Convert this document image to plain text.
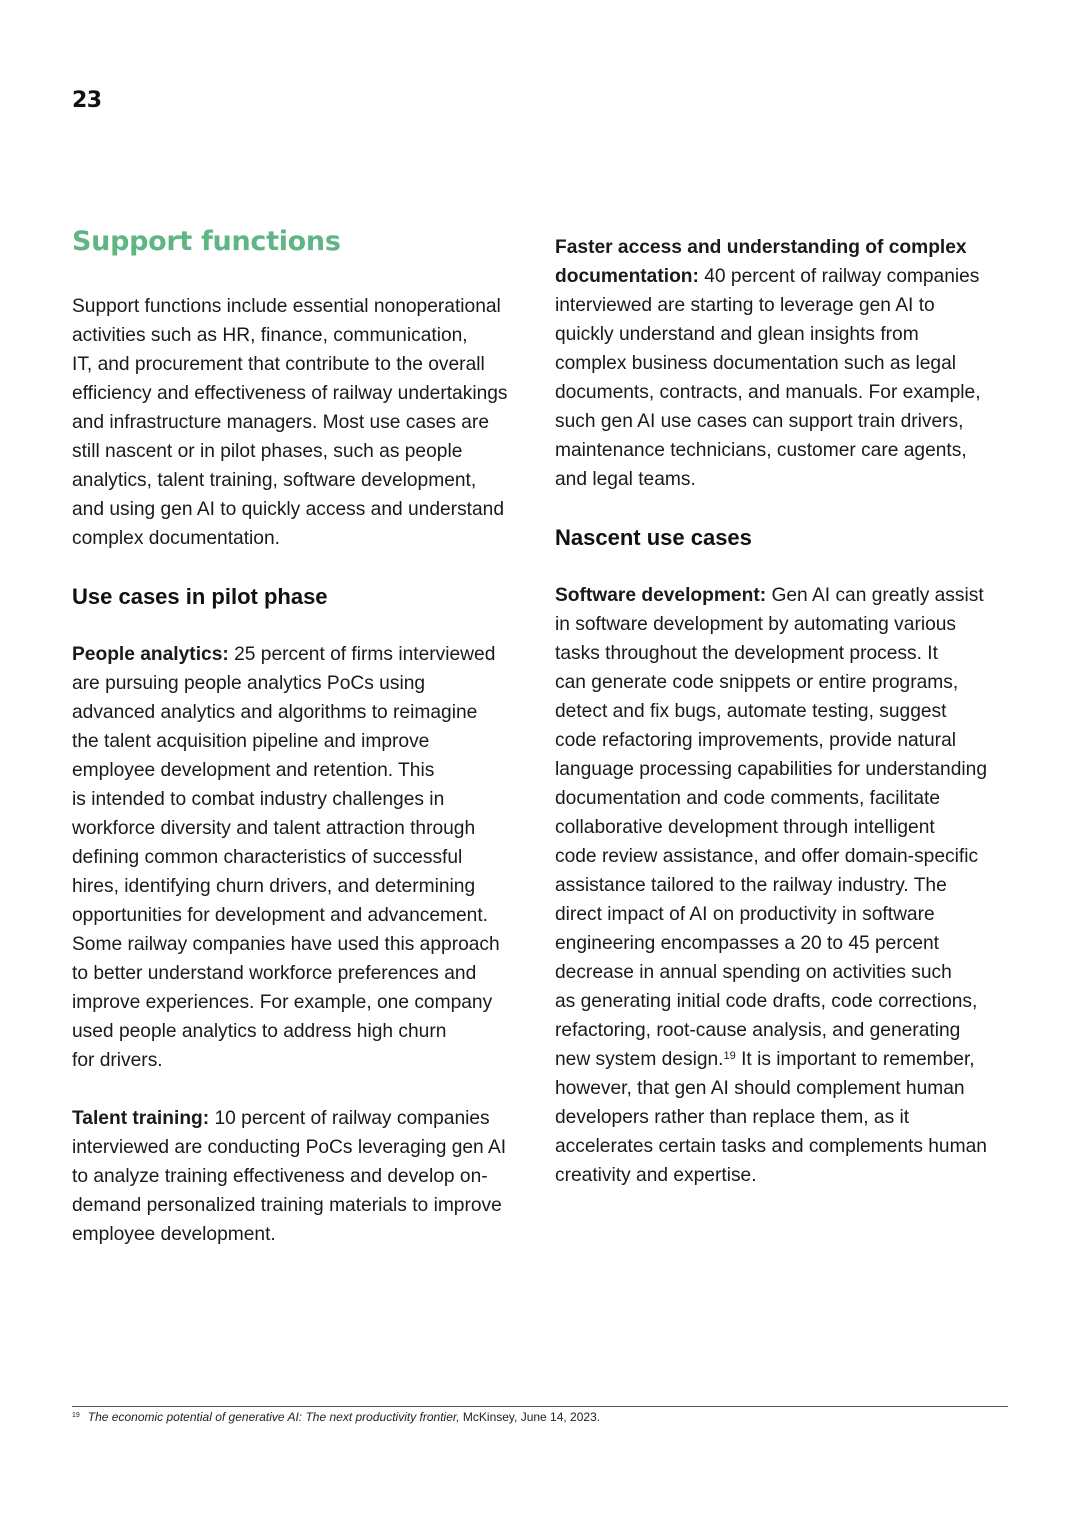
23
Support functions

Support functions include essential nonoperational
activities such as HR, finance, communication,
IT, and procurement that contribute to the overall
efficiency and effectiveness of railway undertakings
and infrastructure managers. Most use cases are
still nascent or in pilot phases, such as people
analytics, talent training, software development,
and using gen AI to quickly access and understand
complex documentation.

Use cases in pilot phase

People analytics: 25 percent of firms interviewed
are pursuing people analytics PoCs using
advanced analytics and algorithms to reimagine
the talent acquisition pipeline and improve
employee development and retention. This
is intended to combat industry challenges in
workforce diversity and talent attraction through
defining common characteristics of successful
hires, identifying churn drivers, and determining
opportunities for development and advancement.
Some railway companies have used this approach
to better understand workforce preferences and
improve experiences. For example, one company
used people analytics to address high churn
for drivers.

Talent training: 10 percent of railway companies
interviewed are conducting PoCs leveraging gen AI
to analyze training effectiveness and develop on-
demand personalized training materials to improve
employee development.

Faster access and understanding of complex
documentation: 40 percent of railway companies
interviewed are starting to leverage gen AI to
quickly understand and glean insights from
complex business documentation such as legal
documents, contracts, and manuals. For example,
such gen AI use cases can support train drivers,
maintenance technicians, customer care agents,
and legal teams.

Nascent use cases

Software development: Gen AI can greatly assist
in software development by automating various
tasks throughout the development process. It
can generate code snippets or entire programs,
detect and fix bugs, automate testing, suggest
code refactoring improvements, provide natural
language processing capabilities for understanding
documentation and code comments, facilitate
collaborative development through intelligent
code review assistance, and offer domain-specific
assistance tailored to the railway industry. The
direct impact of AI on productivity in software
engineering encompasses a 20 to 45 percent
decrease in annual spending on activities such
as generating initial code drafts, code corrections,
refactoring, root-cause analysis, and generating
new system design.$^{19}$ It is important to remember,
however, that gen AI should complement human
developers rather than replace them, as it
accelerates certain tasks and complements human
creativity and expertise.

$^{19}$ The economic potential of generative AI: The next productivity frontier, McKinsey, June 14, 2023.
